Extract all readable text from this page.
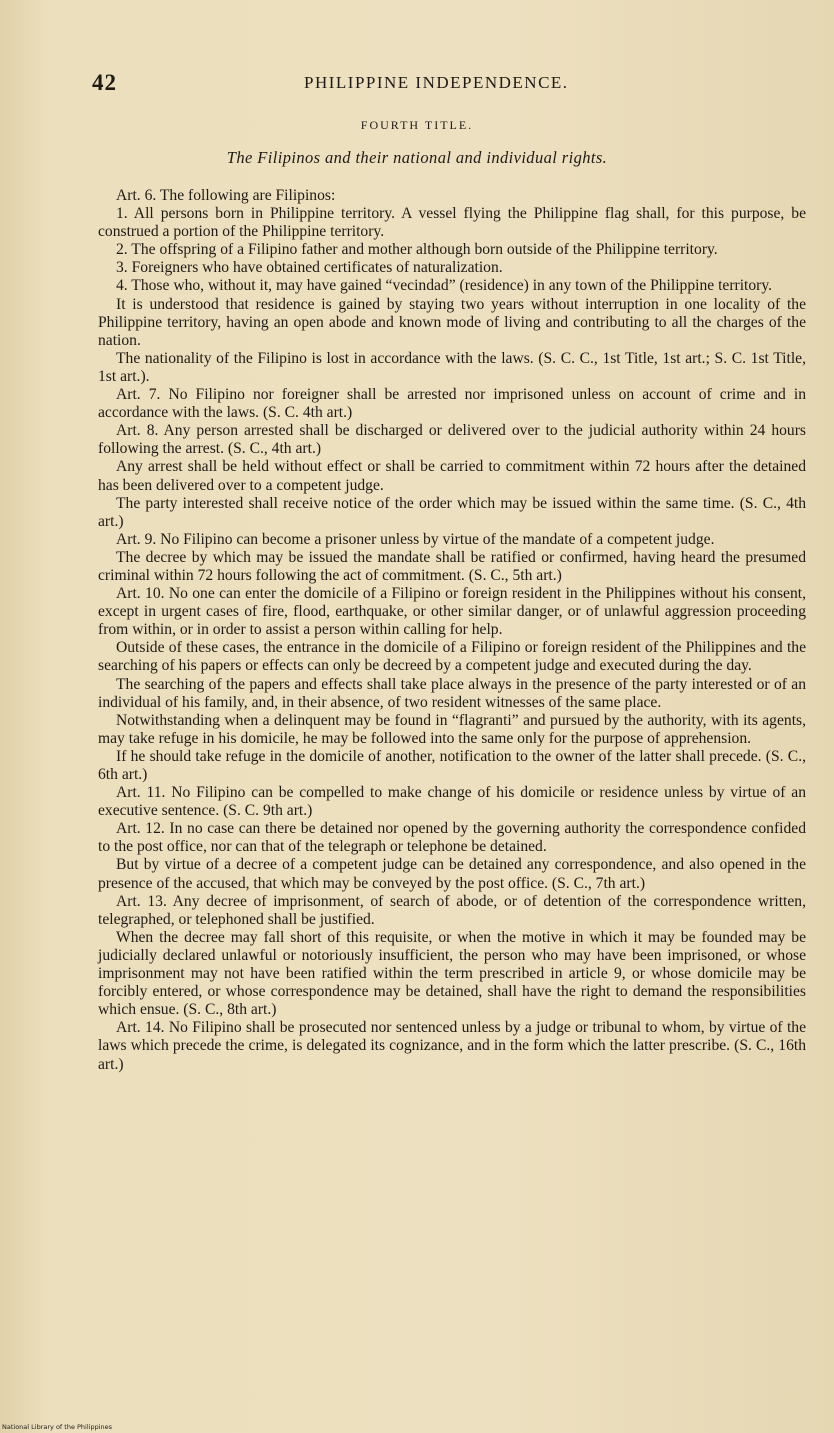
42	PHILIPPINE INDEPENDENCE.
FOURTH TITLE.
The Filipinos and their national and individual rights.

Art. 6. The following are Filipinos:

1. All persons born in Philippine territory. A vessel flying the Philippine flag shall, for this purpose, be construed a portion of the Philippine territory.

2. The offspring of a Filipino father and mother although born outside of the Philippine territory.

3. Foreigners who have obtained certificates of naturalization.

4. Those who, without it, may have gained “vecindad” (residence) in any town of the Philippine territory.

It is understood that residence is gained by staying two years without interruption in one locality of the Philippine territory, having an open abode and known mode of living and contributing to all the charges of the nation.

The nationality of the Filipino is lost in accordance with the laws. (S. C. C., 1st Title, 1st art.; S. C. 1st Title, 1st art.).

Art. 7. No Filipino nor foreigner shall be arrested nor imprisoned unless on account of crime and in accordance with the laws. (S. C. 4th art.)

Art. 8. Any person arrested shall be discharged or delivered over to the judicial authority within 24 hours following the arrest. (S. C., 4th art.)

Any arrest shall be held without effect or shall be carried to commitment within 72 hours after the detained has been delivered over to a competent judge.

The party interested shall receive notice of the order which may be issued within the same time. (S. C., 4th art.)

Art. 9. No Filipino can become a prisoner unless by virtue of the mandate of a competent judge.

The decree by which may be issued the mandate shall be ratified or confirmed, having heard the presumed criminal within 72 hours following the act of commitment. (S. C., 5th art.)

Art. 10. No one can enter the domicile of a Filipino or foreign resident in the Philippines without his consent, except in urgent cases of fire, flood, earthquake, or other similar danger, or of unlawful aggression proceeding from within, or in order to assist a person within calling for help.

Outside of these cases, the entrance in the domicile of a Filipino or foreign resident of the Philippines and the searching of his papers or effects can only be decreed by a competent judge and executed during the day.

The searching of the papers and effects shall take place always in the presence of the party interested or of an individual of his family, and, in their absence, of two resident witnesses of the same place.

Notwithstanding when a delinquent may be found in “flagranti” and pursued by the authority, with its agents, may take refuge in his domicile, he may be followed into the same only for the purpose of apprehension.

If he should take refuge in the domicile of another, notification to the owner of the latter shall precede. (S. C., 6th art.)

Art. 11. No Filipino can be compelled to make change of his domicile or residence unless by virtue of an executive sentence. (S. C. 9th art.)

Art. 12. In no case can there be detained nor opened by the governing authority the correspondence confided to the post office, nor can that of the telegraph or telephone be detained.

But by virtue of a decree of a competent judge can be detained any correspondence, and also opened in the presence of the accused, that which may be conveyed by the post office. (S. C., 7th art.)

Art. 13. Any decree of imprisonment, of search of abode, or of detention of the correspondence written, telegraphed, or telephoned shall be justified.

When the decree may fall short of this requisite, or when the motive in which it may be founded may be judicially declared unlawful or notoriously insufficient, the person who may have been imprisoned, or whose imprisonment may not have been ratified within the term prescribed in article 9, or whose domicile may be forcibly entered, or whose correspondence may be detained, shall have the right to demand the responsibilities which ensue. (S. C., 8th art.)

Art. 14. No Filipino shall be prosecuted nor sentenced unless by a judge or tribunal to whom, by virtue of the laws which precede the crime, is delegated its cognizance, and in the form which the latter prescribe. (S. C., 16th art.)

National Library of the Philippines
